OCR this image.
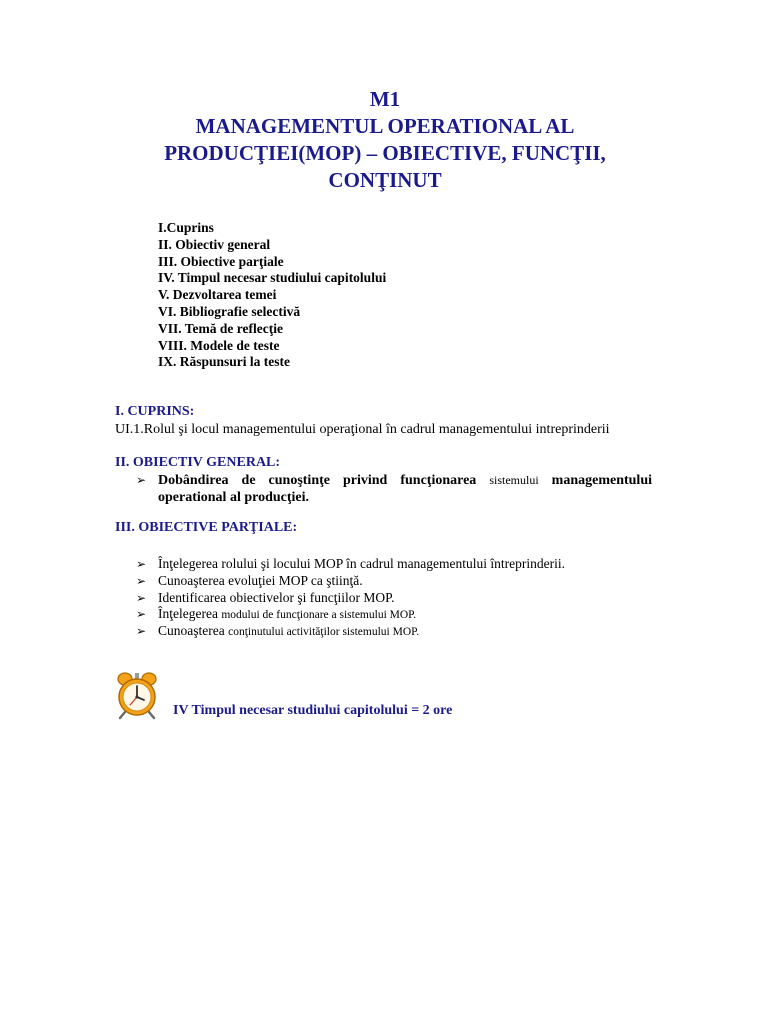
M1
MANAGEMENTUL OPERATIONAL AL
PRODUCŢIEI(MOP) – OBIECTIVE, FUNCŢII,
CONŢINUT
I.Cuprins
II. Obiectiv general
III. Obiective parţiale
IV. Timpul necesar studiului capitolului
V. Dezvoltarea temei
VI. Bibliografie selectivă
VII. Temă de reflecţie
VIII. Modele de teste
IX. Răspunsuri la teste
I. CUPRINS:
UI.1.Rolul şi locul managementului operaţional în cadrul managementului intreprinderii
II. OBIECTIV GENERAL:
➢ Dobândirea de cunoştinţe privind funcţionarea sistemului managementului operational al producţiei.
III. OBIECTIVE PARŢIALE:
➢ Înţelegerea rolului şi locului MOP în cadrul managementului întreprinderii.
➢ Cunoaşterea evoluţiei MOP ca ştiinţă.
➢ Identificarea obiectivelor şi funcţiilor MOP.
➢ Înţelegerea modului de funcţionare a sistemului MOP.
➢ Cunoaşterea conţinutului activităţilor sistemului MOP.
IV Timpul necesar studiului capitolului = 2 ore
